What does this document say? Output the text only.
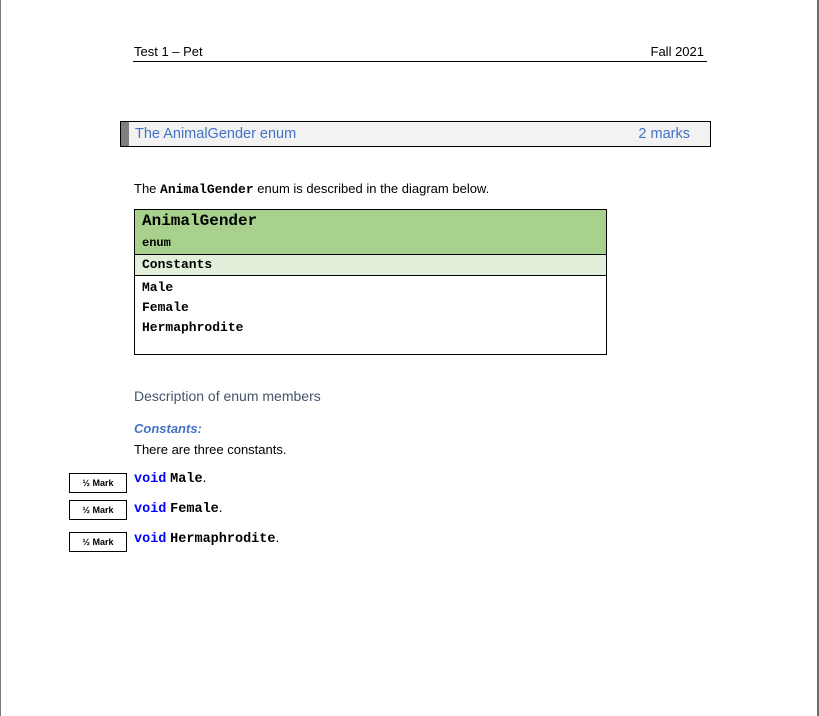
Test 1 – Pet	Fall 2021
The AnimalGender enum	2 marks
The AnimalGender enum is described in the diagram below.
AnimalGender
enum
Constants
Male
Female
Hermaphrodite
Description of enum members
Constants:
There are three constants.
½ Mark	void Male.
½ Mark	void Female.
½ Mark	void Hermaphrodite.
